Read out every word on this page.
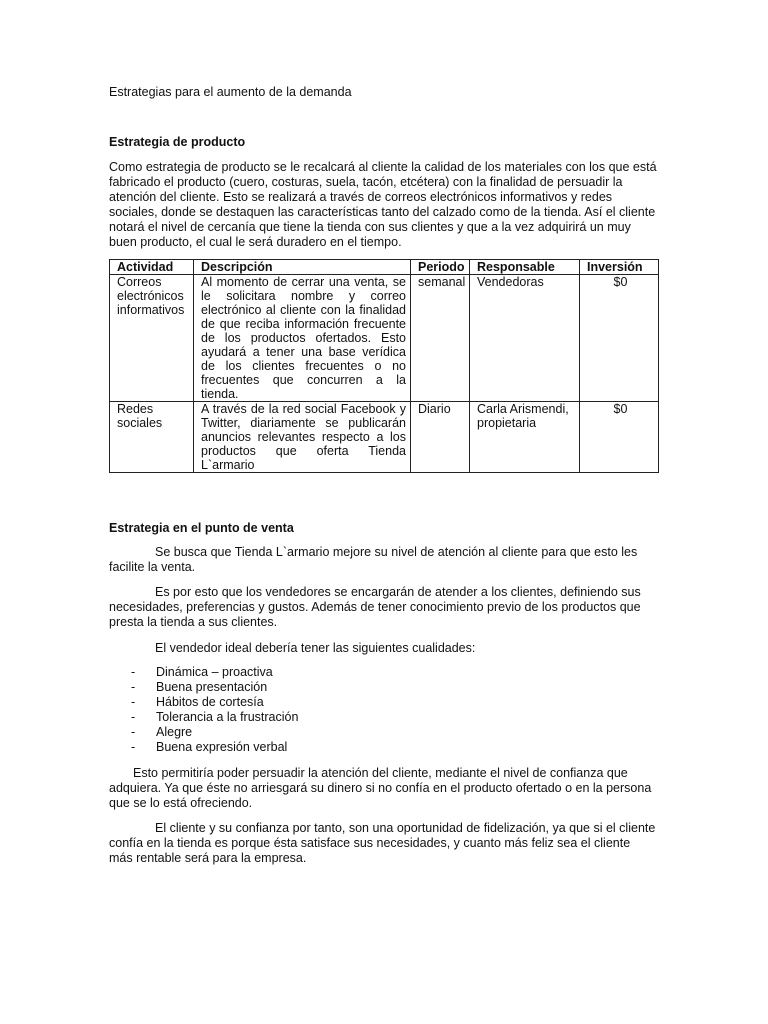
Estrategias para el aumento de la demanda
Estrategia de producto
Como estrategia de producto se le recalcará al cliente la calidad de los materiales con los que está fabricado el producto (cuero, costuras, suela, tacón, etcétera) con la finalidad de persuadir la atención del cliente. Esto se realizará a través de correos electrónicos informativos y redes sociales, donde se destaquen las características tanto del calzado como de la tienda. Así el cliente notará el nivel de cercanía que tiene la tienda con sus clientes y que a la vez adquirirá un muy buen producto, el cual le será duradero en el tiempo.
Actividad	Descripción	Periodo	Responsable	Inversión
Correos electrónicos informativos	Al momento de cerrar una venta, se le solicitara nombre y correo electrónico al cliente con la finalidad de que reciba información frecuente de los productos ofertados. Esto ayudará a tener una base verídica de los clientes frecuentes o no frecuentes que concurren a la tienda.	semanal	Vendedoras	$0
Redes sociales	A través de la red social Facebook y Twitter, diariamente se publicarán anuncios relevantes respecto a los productos que oferta Tienda L`armario	Diario	Carla Arismendi, propietaria	$0
Estrategia en el punto de venta
Se busca que Tienda L`armario mejore su nivel de atención al cliente para que esto les facilite la venta.
Es por esto que los vendedores se encargarán de atender a los clientes, definiendo sus necesidades, preferencias y gustos. Además de tener conocimiento previo de los productos que presta la tienda a sus clientes.
El vendedor ideal debería tener las siguientes cualidades:
- Dinámica – proactiva
- Buena presentación
- Hábitos de cortesía
- Tolerancia a la frustración
- Alegre
- Buena expresión verbal
Esto permitiría poder persuadir la atención del cliente, mediante el nivel de confianza que adquiera. Ya que éste no arriesgará su dinero si no confía en el producto ofertado o en la persona que se lo está ofreciendo.
El cliente y su confianza por tanto, son una oportunidad de fidelización, ya que si el cliente confía en la tienda es porque ésta satisface sus necesidades, y cuanto más feliz sea el cliente más rentable será para la empresa.
